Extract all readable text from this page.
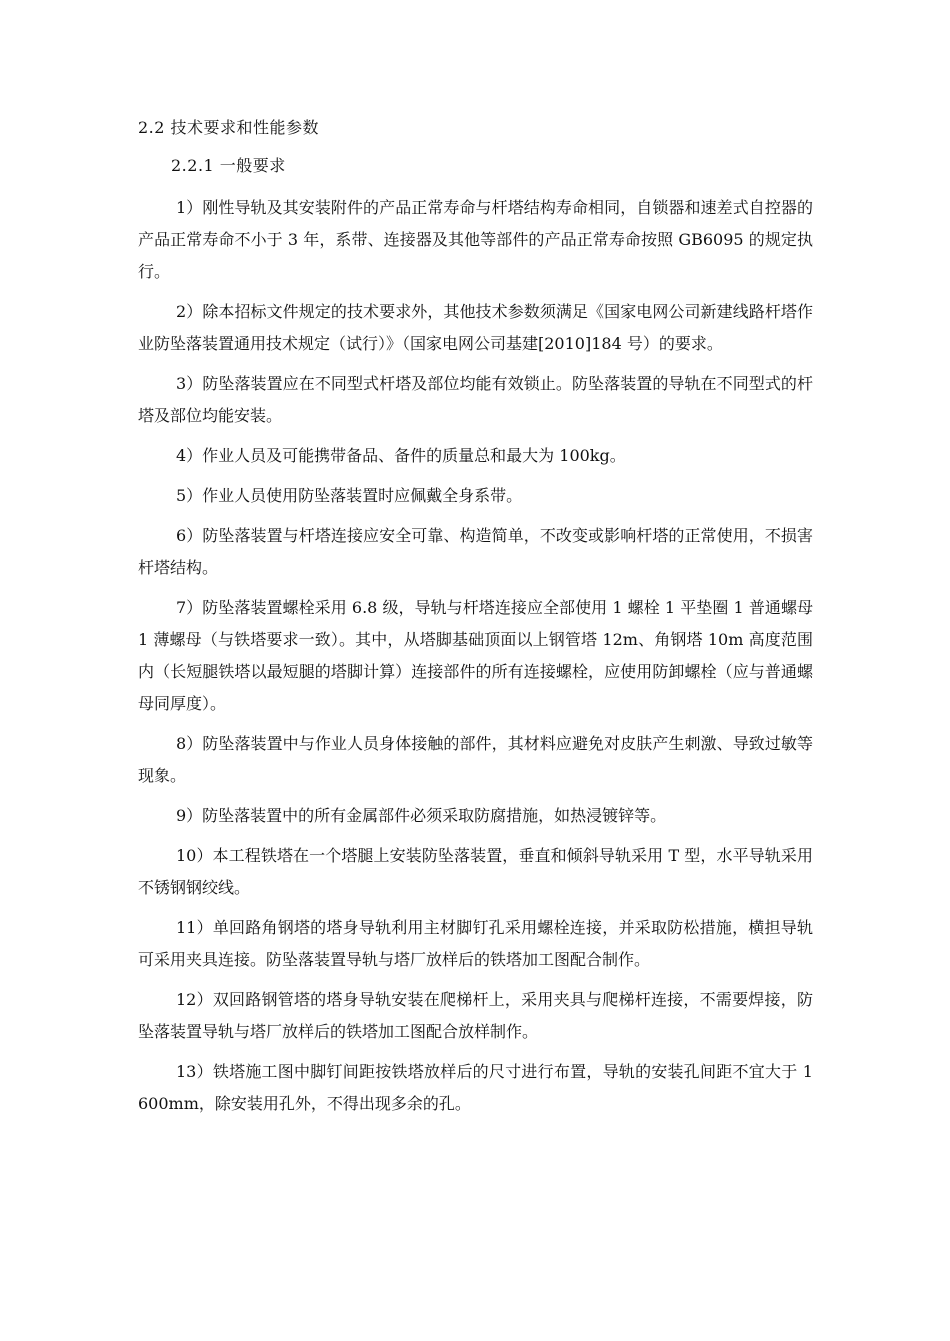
2.2 技术要求和性能参数
2.2.1 一般要求

1）刚性导轨及其安装附件的产品正常寿命与杆塔结构寿命相同，自锁器和速差式自控器的产品正常寿命不小于 3 年，系带、连接器及其他等部件的产品正常寿命按照 GB6095 的规定执行。

2）除本招标文件规定的技术要求外，其他技术参数须满足《国家电网公司新建线路杆塔作业防坠落装置通用技术规定（试行）》（国家电网公司基建[2010]184 号）的要求。

3）防坠落装置应在不同型式杆塔及部位均能有效锁止。防坠落装置的导轨在不同型式的杆塔及部位均能安装。

4）作业人员及可能携带备品、备件的质量总和最大为 100kg。

5）作业人员使用防坠落装置时应佩戴全身系带。

6）防坠落装置与杆塔连接应安全可靠、构造简单，不改变或影响杆塔的正常使用，不损害杆塔结构。

7）防坠落装置螺栓采用 6.8 级，导轨与杆塔连接应全部使用 1 螺栓 1 平垫圈 1 普通螺母 1 薄螺母（与铁塔要求一致）。其中，从塔脚基础顶面以上钢管塔 12m、角钢塔 10m 高度范围内（长短腿铁塔以最短腿的塔脚计算）连接部件的所有连接螺栓，应使用防卸螺栓（应与普通螺母同厚度）。

8）防坠落装置中与作业人员身体接触的部件，其材料应避免对皮肤产生刺激、导致过敏等现象。

9）防坠落装置中的所有金属部件必须采取防腐措施，如热浸镀锌等。

10）本工程铁塔在一个塔腿上安装防坠落装置，垂直和倾斜导轨采用 T 型，水平导轨采用不锈钢钢绞线。

11）单回路角钢塔的塔身导轨利用主材脚钉孔采用螺栓连接，并采取防松措施，横担导轨可采用夹具连接。防坠落装置导轨与塔厂放样后的铁塔加工图配合制作。

12）双回路钢管塔的塔身导轨安装在爬梯杆上，采用夹具与爬梯杆连接，不需要焊接，防坠落装置导轨与塔厂放样后的铁塔加工图配合放样制作。

13）铁塔施工图中脚钉间距按铁塔放样后的尺寸进行布置，导轨的安装孔间距不宜大于 1600mm，除安装用孔外，不得出现多余的孔。
